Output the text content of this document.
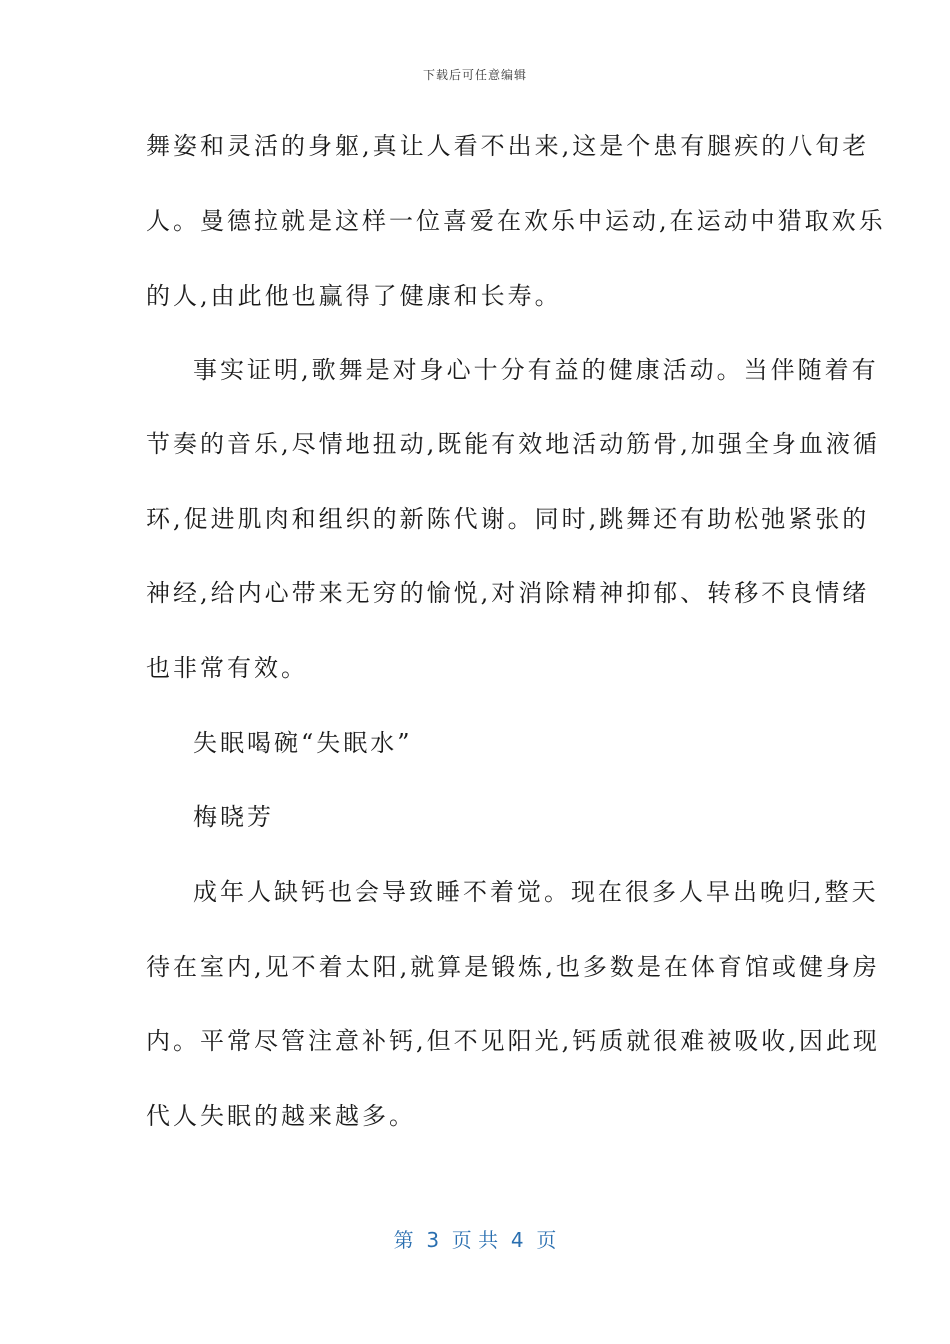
下载后可任意编辑
舞姿和灵活的身躯,真让人看不出来,这是个患有腿疾的八旬老
人。曼德拉就是这样一位喜爱在欢乐中运动,在运动中猎取欢乐
的人,由此他也赢得了健康和长寿。
事实证明,歌舞是对身心十分有益的健康活动。当伴随着有
节奏的音乐,尽情地扭动,既能有效地活动筋骨,加强全身血液循
环,促进肌肉和组织的新陈代谢。同时,跳舞还有助松弛紧张的
神经,给内心带来无穷的愉悦,对消除精神抑郁、转移不良情绪
也非常有效。
失眠喝碗“失眠水”
梅晓芳
成年人缺钙也会导致睡不着觉。现在很多人早出晚归,整天
待在室内,见不着太阳,就算是锻炼,也多数是在体育馆或健身房
内。平常尽管注意补钙,但不见阳光,钙质就很难被吸收,因此现
代人失眠的越来越多。
第  3  页 共  4  页
